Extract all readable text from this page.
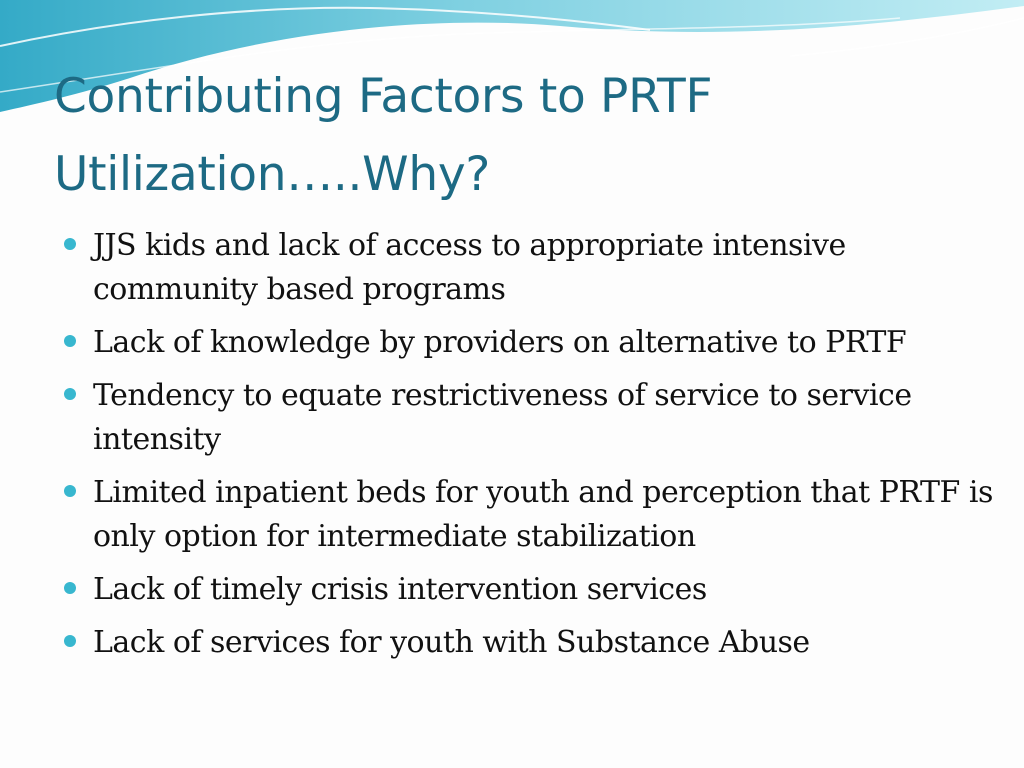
Contributing Factors to PRTF
Utilization…..Why?
JJS kids and lack of access to appropriate intensive community based programs
Lack of knowledge by providers on alternative to PRTF
Tendency to equate restrictiveness of service to service intensity
Limited inpatient beds for youth and perception that PRTF is only option for intermediate stabilization
Lack of timely crisis intervention services
Lack of services for youth with Substance Abuse
